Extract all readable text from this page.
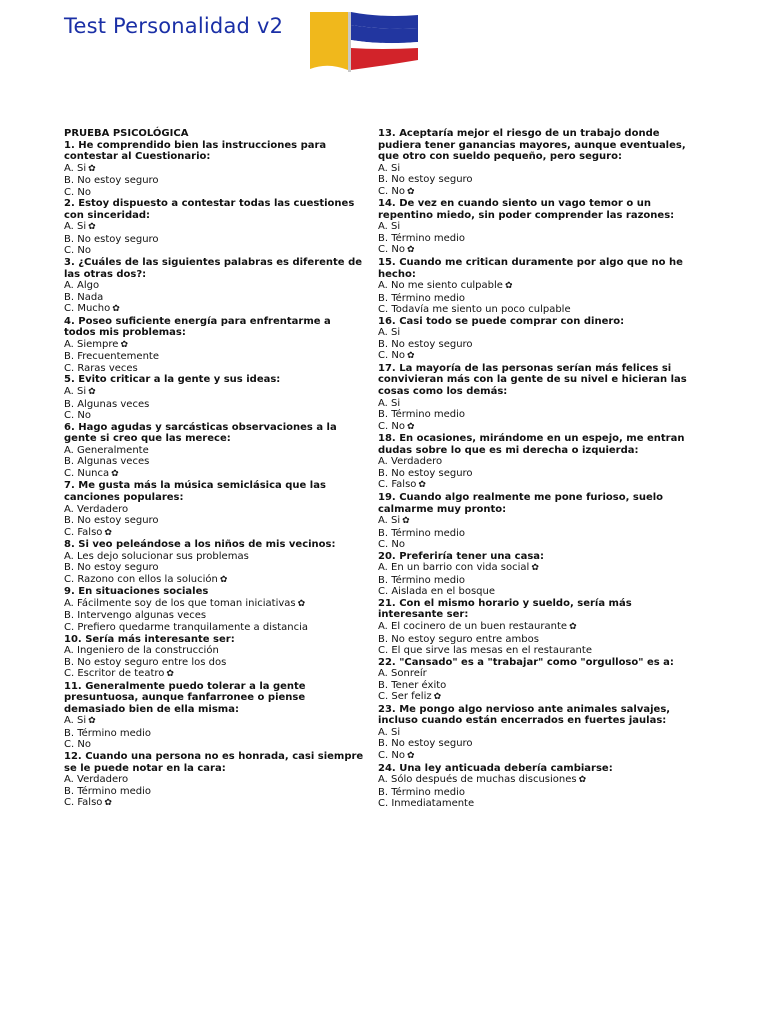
Test Personalidad v2
PRUEBA PSICOLÓGICA
1. He comprendido bien las instrucciones para contestar al Cuestionario:
A. Si ✿
B. No estoy seguro
C. No
2. Estoy dispuesto a contestar todas las cuestiones con sinceridad:
A. Si ✿
B. No estoy seguro
C. No
3. ¿Cuáles de las siguientes palabras es diferente de las otras dos?:
A. Algo
B. Nada
C. Mucho ✿
4. Poseo suficiente energía para enfrentarme a todos mis problemas:
A. Siempre ✿
B. Frecuentemente
C. Raras veces
5. Evito criticar a la gente y sus ideas:
A. Si ✿
B. Algunas veces
C. No
6. Hago agudas y sarcásticas observaciones a la gente si creo que las merece:
A. Generalmente
B. Algunas veces
C. Nunca ✿
7. Me gusta más la música semiclásica que las canciones populares:
A. Verdadero
B. No estoy seguro
C. Falso ✿
8. Si veo peleándose a los niños de mis vecinos:
A. Les dejo solucionar sus problemas
B. No estoy seguro
C. Razono con ellos la solución ✿
9. En situaciones sociales
A. Fácilmente soy de los que toman iniciativas ✿
B. Intervengo algunas veces
C. Prefiero quedarme tranquilamente a distancia
10. Sería más interesante ser:
A. Ingeniero de la construcción
B. No estoy seguro entre los dos
C. Escritor de teatro ✿
11. Generalmente puedo tolerar a la gente presuntuosa, aunque fanfarronee o piense demasiado bien de ella misma:
A. Si ✿
B. Término medio
C. No
12. Cuando una persona no es honrada, casi siempre se le puede notar en la cara:
A. Verdadero
B. Término medio
C. Falso ✿
13. Aceptaría mejor el riesgo de un trabajo donde pudiera tener ganancias mayores, aunque eventuales, que otro con sueldo pequeño, pero seguro:
A. Si
B. No estoy seguro
C. No ✿
14. De vez en cuando siento un vago temor o un repentino miedo, sin poder comprender las razones:
A. Si
B. Término medio
C. No ✿
15. Cuando me critican duramente por algo que no he hecho:
A. No me siento culpable ✿
B. Término medio
C. Todavía me siento un poco culpable
16. Casi todo se puede comprar con dinero:
A. Si
B. No estoy seguro
C. No ✿
17. La mayoría de las personas serían más felices si convivieran más con la gente de su nivel e hicieran las cosas como los demás:
A. Si
B. Término medio
C. No ✿
18. En ocasiones, mirándome en un espejo, me entran dudas sobre lo que es mi derecha o izquierda:
A. Verdadero
B. No estoy seguro
C. Falso ✿
19. Cuando algo realmente me pone furioso, suelo calmarme muy pronto:
A. Si ✿
B. Término medio
C. No
20. Preferiría tener una casa:
A. En un barrio con vida social ✿
B. Término medio
C. Aislada en el bosque
21. Con el mismo horario y sueldo, sería más interesante ser:
A. El cocinero de un buen restaurante ✿
B. No estoy seguro entre ambos
C. El que sirve las mesas en el restaurante
22. "Cansado" es a "trabajar" como "orgulloso" es a:
A. Sonreír
B. Tener éxito
C. Ser feliz ✿
23. Me pongo algo nervioso ante animales salvajes, incluso cuando están encerrados en fuertes jaulas:
A. Si
B. No estoy seguro
C. No ✿
24. Una ley anticuada debería cambiarse:
A. Sólo después de muchas discusiones ✿
B. Término medio
C. Inmediatamente
